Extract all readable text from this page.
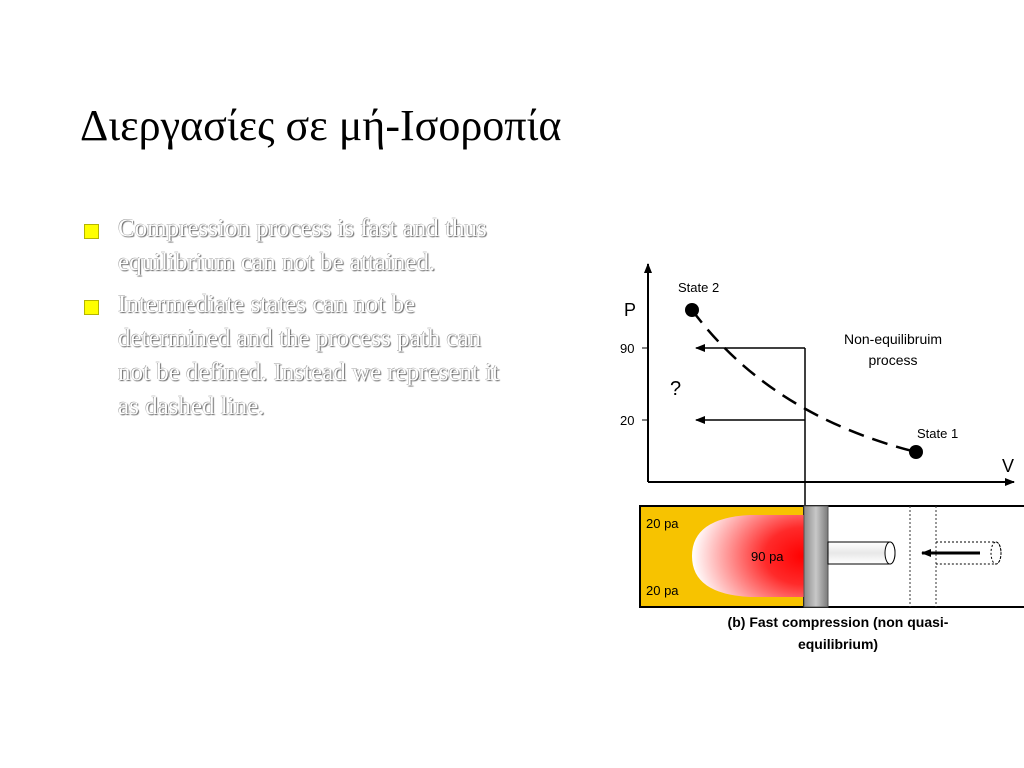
Διεργασίες σε μή-Ισοροπία
Compression process is fast and thus equilibrium can not be attained.
Intermediate states can not be determined and the process path can not be defined. Instead we represent it as dashed line.
P
V
90
20
State 2
State 1
Non-equilibruim
process
?
20 pa
90 pa
20 pa
(b) Fast compression (non quasi-
equilibrium)
